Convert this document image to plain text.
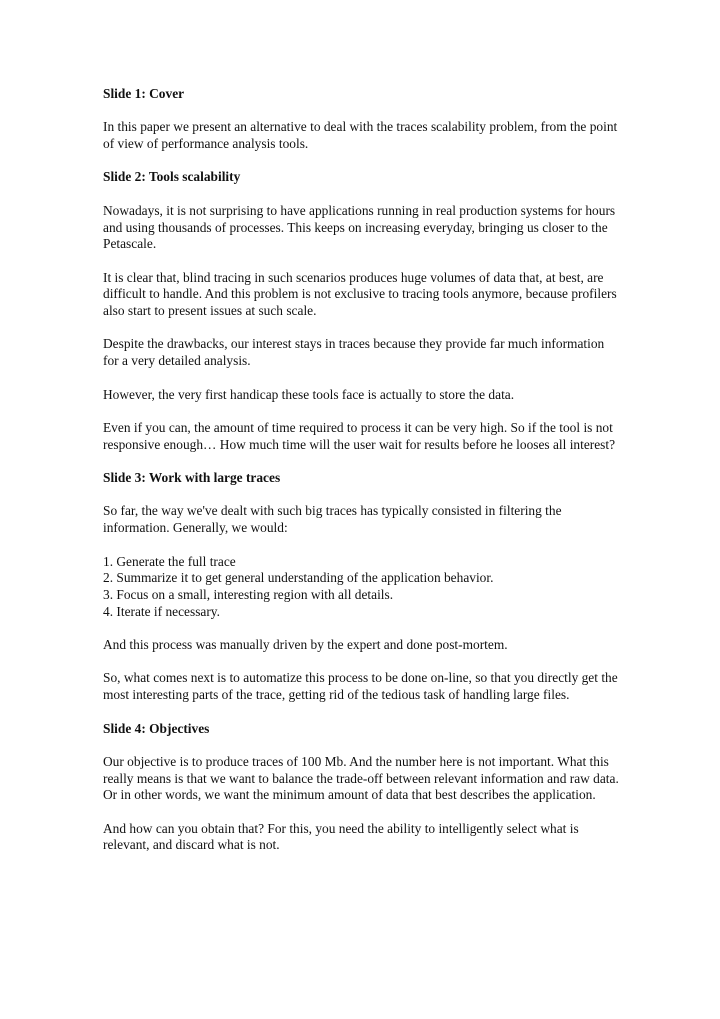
Slide 1: Cover
In this paper we present an alternative to deal with the traces scalability problem, from the point of view of performance analysis tools.
Slide 2: Tools scalability
Nowadays, it is not surprising to have applications running in real production systems for hours and using thousands of processes. This keeps on increasing everyday, bringing us closer to the Petascale.
It is clear that, blind tracing in such scenarios produces huge volumes of data that, at best, are difficult to handle. And this problem is not exclusive to tracing tools anymore, because profilers also start to present issues at such scale.
Despite the drawbacks, our interest stays in traces because they provide far much information for a very detailed analysis.
However, the very first handicap these tools face is actually to store the data.
Even if you can, the amount of time required to process it can be very high. So if the tool is not responsive enough… How much time will the user wait for results before he looses all interest?
Slide 3: Work with large traces
So far, the way we've dealt with such big traces has typically consisted in filtering the information. Generally, we would:
1. Generate the full trace
2. Summarize it to get general understanding of the application behavior.
3. Focus on a small, interesting region with all details.
4. Iterate if necessary.
And this process was manually driven by the expert and done post-mortem.
So, what comes next is to automatize this process to be done on-line, so that you directly get the most interesting parts of the trace, getting rid of the tedious task of handling large files.
Slide 4: Objectives
Our objective is to produce traces of 100 Mb. And the number here is not important. What this really means is that we want to balance the trade-off between relevant information and raw data. Or in other words, we want the minimum amount of data that best describes the application.
And how can you obtain that? For this, you need the ability to intelligently select what is relevant, and discard what is not.
